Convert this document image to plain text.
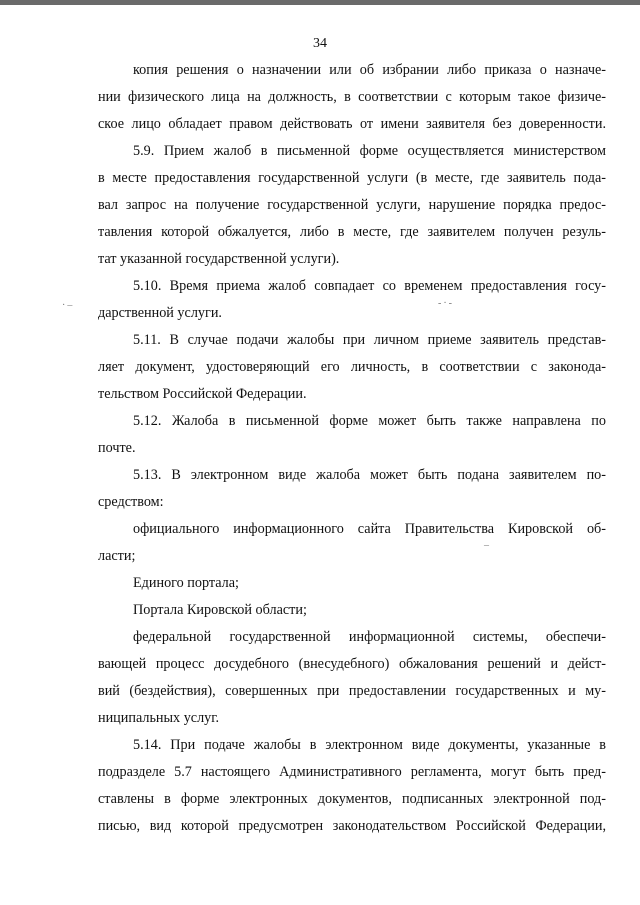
34
копия решения о назначении или об избрании либо приказа о назначе-
нии физического лица на должность, в соответствии с которым такое физиче-
ское лицо обладает правом действовать от имени заявителя без доверенности.
5.9. Прием жалоб в письменной форме осуществляется министерством
в месте предоставления государственной услуги (в месте, где заявитель пода-
вал запрос на получение государственной услуги, нарушение порядка предос-
тавления которой обжалуется, либо в месте, где заявителем получен резуль-
тат указанной государственной услуги).
5.10. Время приема жалоб совпадает со временем предоставления госу-
дарственной услуги.
5.11. В случае подачи жалобы при личном приеме заявитель представ-
ляет документ, удостоверяющий его личность, в соответствии с законода-
тельством Российской Федерации.
5.12. Жалоба в письменной форме может быть также направлена по
почте.
5.13. В электронном виде жалоба может быть подана заявителем по-
средством:
официального информационного сайта Правительства Кировской об-
ласти;
Единого портала;
Портала Кировской области;
федеральной государственной информационной системы, обеспечи-
вающей процесс досудебного (внесудебного) обжалования решений и дейст-
вий (бездействия), совершенных при предоставлении государственных и му-
ниципальных услуг.
5.14. При подаче жалобы в электронном виде документы, указанные в
подразделе 5.7 настоящего Административного регламента, могут быть пред-
ставлены в форме электронных документов, подписанных электронной под-
писью, вид которой предусмотрен законодательством Российской Федерации,
·–	-·-
–
